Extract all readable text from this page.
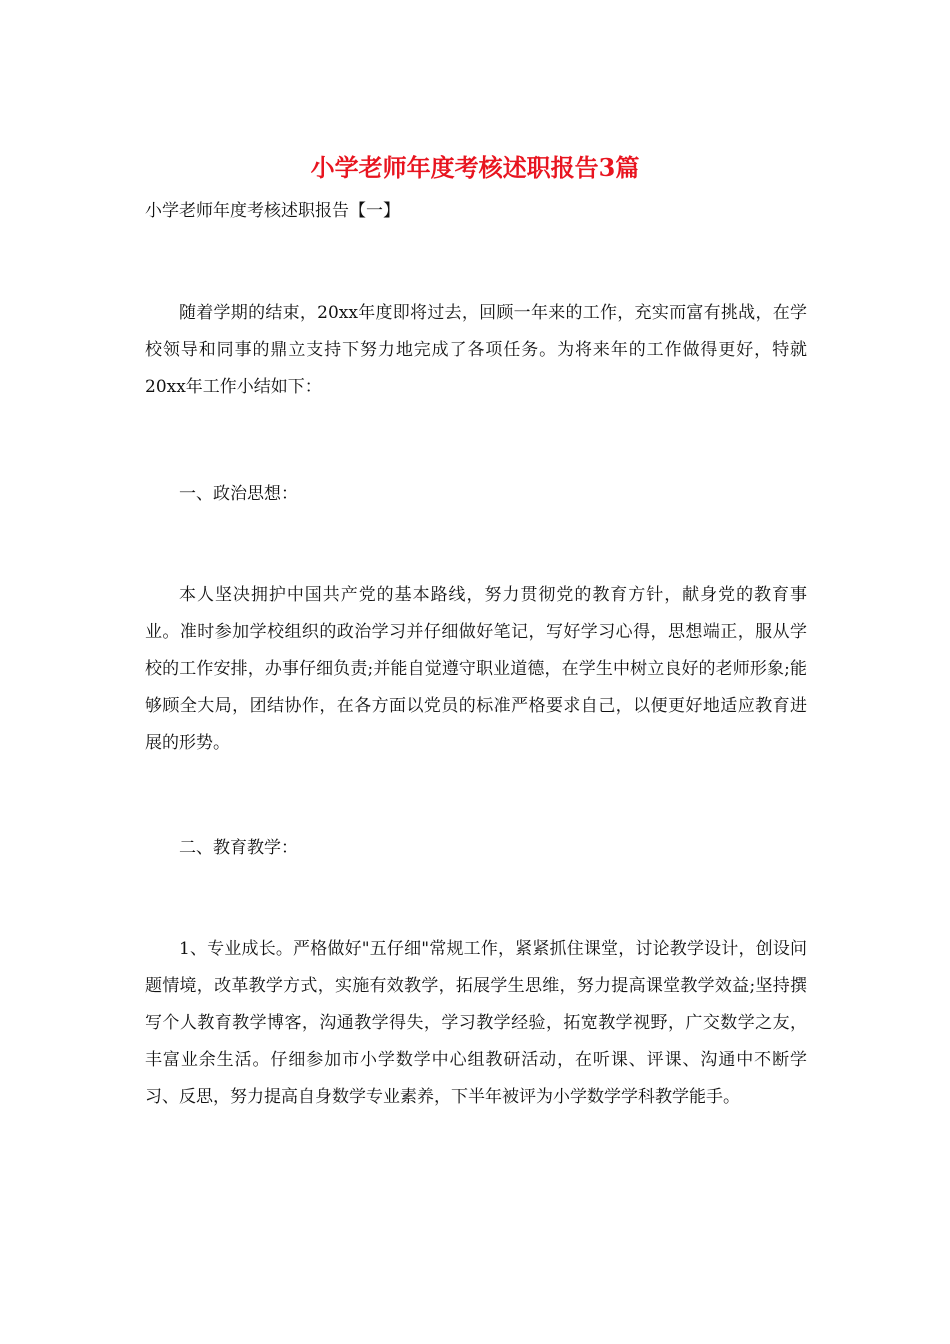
小学老师年度考核述职报告3篇
小学老师年度考核述职报告【一】

随着学期的结束，20xx年度即将过去，回顾一年来的工作，充实而富有挑战，在学校领导和同事的鼎立支持下努力地完成了各项任务。为将来年的工作做得更好，特就20xx年工作小结如下：

一、政治思想：

本人坚决拥护中国共产党的基本路线，努力贯彻党的教育方针，献身党的教育事业。准时参加学校组织的政治学习并仔细做好笔记，写好学习心得，思想端正，服从学校的工作安排，办事仔细负责;并能自觉遵守职业道德，在学生中树立良好的老师形象;能够顾全大局，团结协作，在各方面以党员的标准严格要求自己，以便更好地适应教育进展的形势。

二、教育教学：

1、专业成长。严格做好"五仔细"常规工作，紧紧抓住课堂，讨论教学设计，创设问题情境，改革教学方式，实施有效教学，拓展学生思维，努力提高课堂教学效益;坚持撰写个人教育教学博客，沟通教学得失，学习教学经验，拓宽教学视野，广交数学之友，丰富业余生活。仔细参加市小学数学中心组教研活动，在听课、评课、沟通中不断学习、反思，努力提高自身数学专业素养，下半年被评为小学数学学科教学能手。
